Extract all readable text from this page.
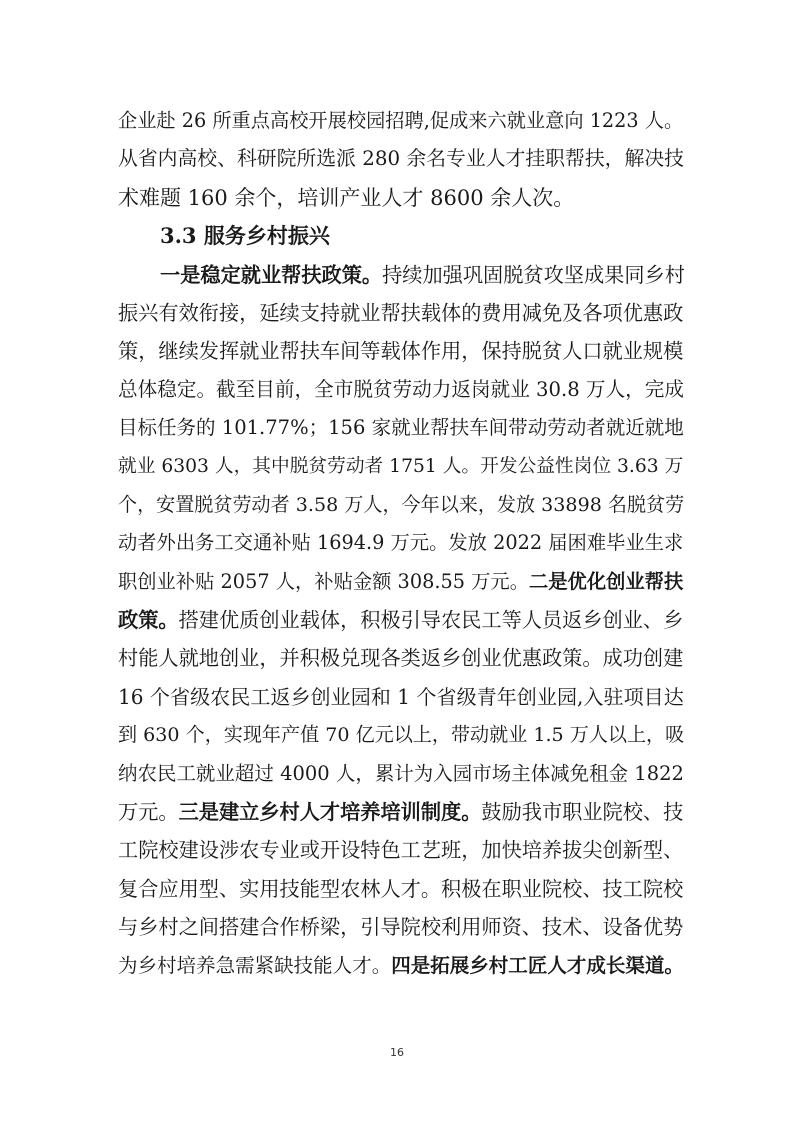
企业赴 26 所重点高校开展校园招聘,促成来六就业意向 1223 人。
从省内高校、科研院所选派 280 余名专业人才挂职帮扶，解决技
术难题 160 余个，培训产业人才 8600 余人次。
3.3 服务乡村振兴
一是稳定就业帮扶政策。持续加强巩固脱贫攻坚成果同乡村
振兴有效衔接，延续支持就业帮扶载体的费用减免及各项优惠政
策，继续发挥就业帮扶车间等载体作用，保持脱贫人口就业规模
总体稳定。截至目前，全市脱贫劳动力返岗就业 30.8 万人，完成
目标任务的 101.77%；156 家就业帮扶车间带动劳动者就近就地
就业 6303 人，其中脱贫劳动者 1751 人。开发公益性岗位 3.63 万
个，安置脱贫劳动者 3.58 万人，今年以来，发放 33898 名脱贫劳
动者外出务工交通补贴 1694.9 万元。发放 2022 届困难毕业生求
职创业补贴 2057 人，补贴金额 308.55 万元。二是优化创业帮扶
政策。搭建优质创业载体，积极引导农民工等人员返乡创业、乡
村能人就地创业，并积极兑现各类返乡创业优惠政策。成功创建
16 个省级农民工返乡创业园和 1 个省级青年创业园,入驻项目达
到 630 个，实现年产值 70 亿元以上，带动就业 1.5 万人以上，吸
纳农民工就业超过 4000 人，累计为入园市场主体减免租金 1822
万元。三是建立乡村人才培养培训制度。鼓励我市职业院校、技
工院校建设涉农专业或开设特色工艺班，加快培养拔尖创新型、
复合应用型、实用技能型农林人才。积极在职业院校、技工院校
与乡村之间搭建合作桥梁，引导院校利用师资、技术、设备优势
为乡村培养急需紧缺技能人才。四是拓展乡村工匠人才成长渠道。
16
